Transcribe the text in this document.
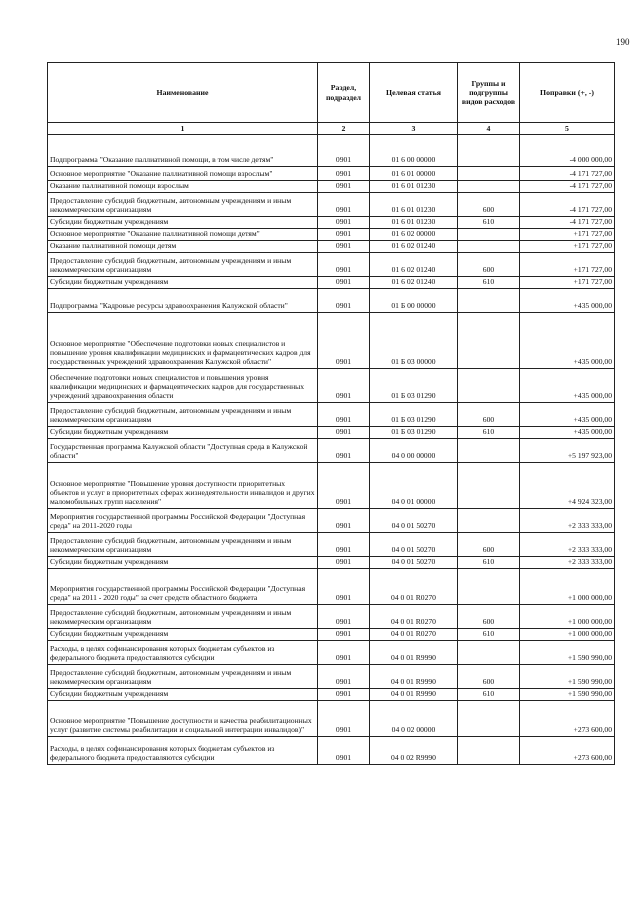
190
Наименование	Раздел, подраздел	Целевая статья	Группы и подгруппы видов расходов	Поправки (+, -)
1	2	3	4	5
Подпрограмма "Оказание паллиативной помощи, в том числе детям"	0901	01 6 00 00000		-4 000 000,00
Основное мероприятие "Оказание паллиативной помощи взрослым"	0901	01 6 01 00000		-4 171 727,00
Оказание паллиативной помощи взрослым	0901	01 6 01 01230		-4 171 727,00
Предоставление субсидий бюджетным, автономным учреждениям и иным некоммерческим организациям	0901	01 6 01 01230	600	-4 171 727,00
Субсидии бюджетным учреждениям	0901	01 6 01 01230	610	-4 171 727,00
Основное мероприятие "Оказание паллиативной помощи детям"	0901	01 6 02 00000		+171 727,00
Оказание паллиативной помощи детям	0901	01 6 02 01240		+171 727,00
Предоставление субсидий бюджетным, автономным учреждениям и иным некоммерческим организациям	0901	01 6 02 01240	600	+171 727,00
Субсидии бюджетным учреждениям	0901	01 6 02 01240	610	+171 727,00
Подпрограмма "Кадровые ресурсы здравоохранения Калужской области"	0901	01 Б 00 00000		+435 000,00
Основное мероприятие "Обеспечение подготовки новых специалистов и повышение уровня квалификации медицинских и фармацевтических кадров для государственных учреждений здравоохранения Калужской области"	0901	01 Б 03 00000		+435 000,00
Обеспечение подготовки новых специалистов и повышения уровня квалификации медицинских и фармацевтических кадров для государственных учреждений здравоохранения области	0901	01 Б 03 01290		+435 000,00
Предоставление субсидий бюджетным, автономным учреждениям и иным некоммерческим организациям	0901	01 Б 03 01290	600	+435 000,00
Субсидии бюджетным учреждениям	0901	01 Б 03 01290	610	+435 000,00
Государственная программа Калужской области "Доступная среда в Калужской области"	0901	04 0 00 00000		+5 197 923,00
Основное мероприятие "Повышение уровня доступности приоритетных объектов и услуг в приоритетных сферах жизнедеятельности инвалидов и других маломобильных групп населения"	0901	04 0 01 00000		+4 924 323,00
Мероприятия государственной программы Российской Федерации "Доступная среда" на 2011-2020 годы	0901	04 0 01 50270		+2 333 333,00
Предоставление субсидий бюджетным, автономным учреждениям и иным некоммерческим организациям	0901	04 0 01 50270	600	+2 333 333,00
Субсидии бюджетным учреждениям	0901	04 0 01 50270	610	+2 333 333,00
Мероприятия государственной программы Российской Федерации "Доступная среда" на 2011 - 2020 годы" за счет средств областного бюджета	0901	04 0 01 R0270		+1 000 000,00
Предоставление субсидий бюджетным, автономным учреждениям и иным некоммерческим организациям	0901	04 0 01 R0270	600	+1 000 000,00
Субсидии бюджетным учреждениям	0901	04 0 01 R0270	610	+1 000 000,00
Расходы, в целях софинансирования которых бюджетам субъектов из федерального бюджета предоставляются субсидии	0901	04 0 01 R9990		+1 590 990,00
Предоставление субсидий бюджетным, автономным учреждениям и иным некоммерческим организациям	0901	04 0 01 R9990	600	+1 590 990,00
Субсидии бюджетным учреждениям	0901	04 0 01 R9990	610	+1 590 990,00
Основное мероприятие "Повышение доступности и качества реабилитационных услуг (развитие системы реабилитации и социальной интеграции инвалидов)"	0901	04 0 02 00000		+273 600,00
Расходы, в целях софинансирования которых бюджетам субъектов из федерального бюджета предоставляются субсидии	0901	04 0 02 R9990		+273 600,00
